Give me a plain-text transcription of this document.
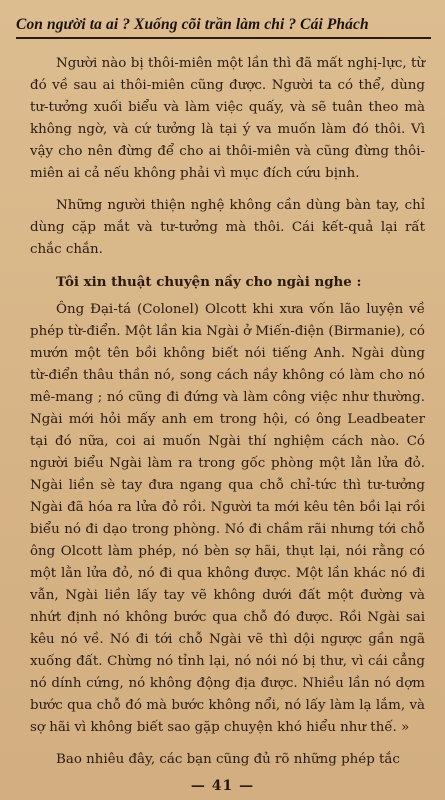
Con người ta ai ? Xuống cõi trần làm chi ? Cái Phách

Người nào bị thôi-miên một lần thì đã mất nghị-lực, từ đó về sau ai thôi-miên cũng được. Người ta có thể, dùng tư-tưởng xuối biểu và làm việc quấy, và sẽ tuân theo mà không ngờ, và cứ tưởng là tại ý va muốn làm đó thôi. Vì vậy cho nên đừng để cho ai thôi-miên và cũng đừng thôi-miên ai cả nếu không phải vì mục đích cứu bịnh.

Những người thiện nghệ không cần dùng bàn tay, chỉ dùng cặp mắt và tư-tưởng mà thôi. Cái kết-quả lại rất chắc chắn.

Tôi xin thuật chuyện nầy cho ngài nghe :

Ông Đại-tá (Colonel) Olcott khi xưa vốn lão luyện về phép từ-điển. Một lần kia Ngài ở Miến-điện (Birmanie), có mướn một tên bồi không biết nói tiếng Anh. Ngài dùng từ-điển thâu thần nó, song cách nầy không có làm cho nó mê-mang ; nó cũng đi đứng và làm công việc như thường. Ngài mới hỏi mấy anh em trong hội, có ông Leadbeater tại đó nữa, coi ai muốn Ngài thí nghiệm cách nào. Có người biểu Ngài làm ra trong gốc phòng một lằn lửa đỏ. Ngài liền sè tay đưa ngang qua chỗ chỉ-tức thì tư-tưởng Ngài đã hóa ra lửa đỏ rồi. Người ta mới kêu tên bồi lại rồi biểu nó đi dạo trong phòng. Nó đi chầm rãi nhưng tới chỗ ông Olcott làm phép, nó bèn sợ hãi, thụt lại, nói rằng có một lằn lửa đỏ, nó đi qua không được. Một lần khác nó đi vẫn, Ngài liền lấy tay vẽ không dưới đất một đường và nhứt định nó không bước qua chỗ đó được. Rồi Ngài sai kêu nó về. Nó đi tới chỗ Ngài vẽ thì dội ngược gần ngã xuống đất. Chừng nó tỉnh lại, nó nói nó bị thư, vì cái cẳng nó dính cứng, nó không động địa được. Nhiều lần nó dợm bước qua chỗ đó mà bước không nổi, nó lấy làm lạ lắm, và sợ hãi vì không biết sao gặp chuyện khó hiểu như thế. »

Bao nhiêu đây, các bạn cũng đủ rõ những phép tắc

— 41 —
